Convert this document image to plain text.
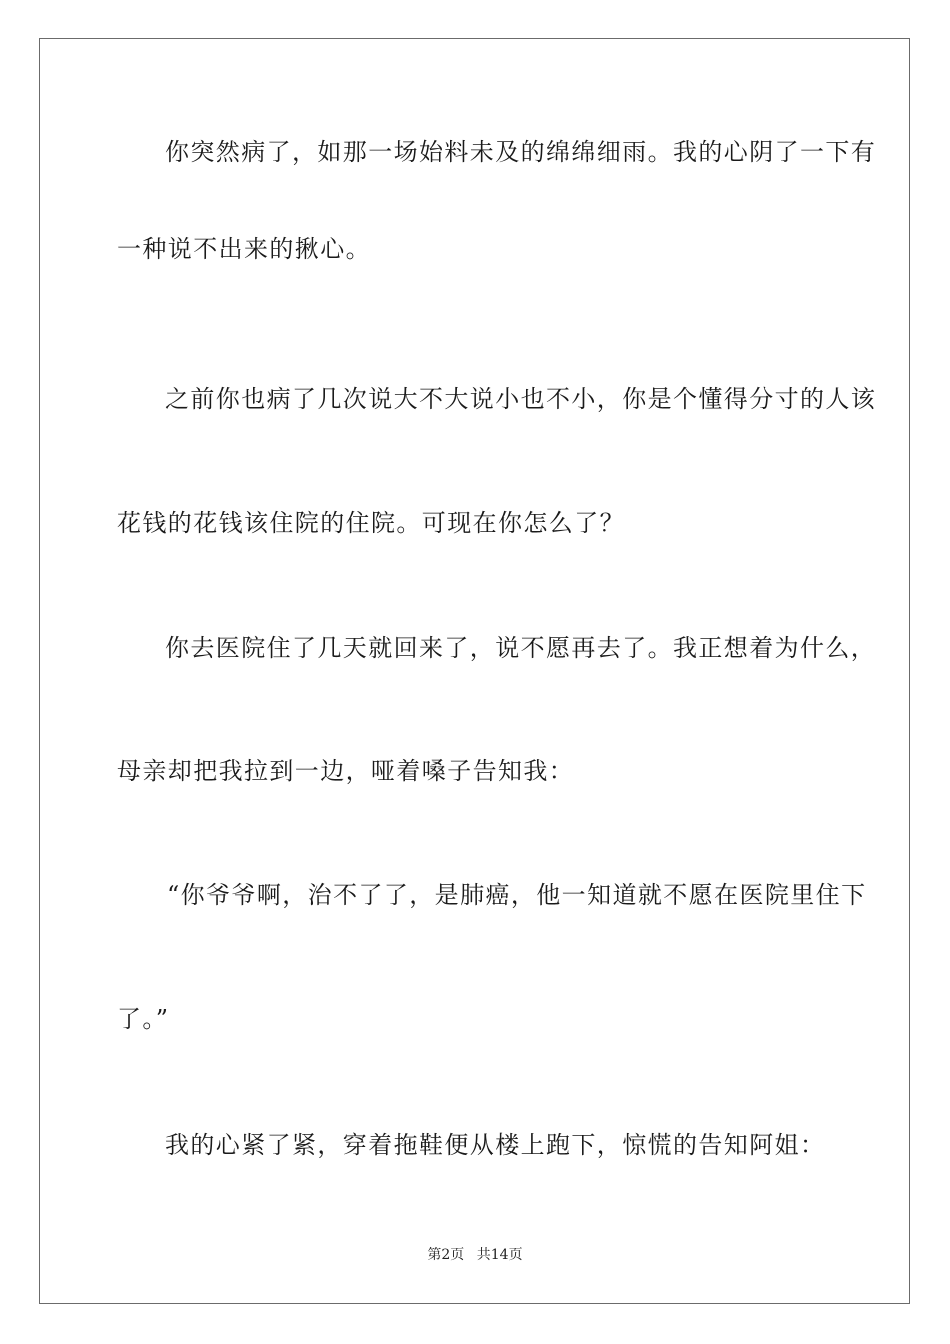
你突然病了，如那一场始料未及的绵绵细雨。我的心阴了一下有
一种说不出来的揪心。
之前你也病了几次说大不大说小也不小，你是个懂得分寸的人该
花钱的花钱该住院的住院。可现在你怎么了？
你去医院住了几天就回来了，说不愿再去了。我正想着为什么，
母亲却把我拉到一边，哑着嗓子告知我：
“你爷爷啊，治不了了，是肺癌，他一知道就不愿在医院里住下
了。”
我的心紧了紧，穿着拖鞋便从楼上跑下，惊慌的告知阿姐：
第2页 共14页
